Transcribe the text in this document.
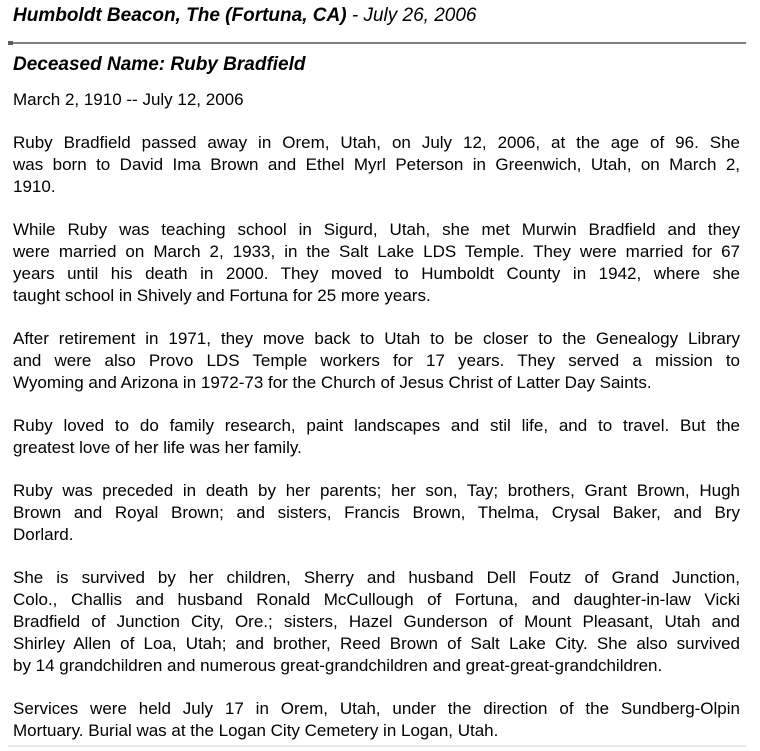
Humboldt Beacon, The (Fortuna, CA) - July 26, 2006
Deceased Name: Ruby Bradfield
March 2, 1910 -- July 12, 2006
Ruby Bradfield passed away in Orem, Utah, on July 12, 2006, at the age of 96. She
was born to David Ima Brown and Ethel Myrl Peterson in Greenwich, Utah, on March 2,
1910.
While Ruby was teaching school in Sigurd, Utah, she met Murwin Bradfield and they
were married on March 2, 1933, in the Salt Lake LDS Temple. They were married for 67
years until his death in 2000. They moved to Humboldt County in 1942, where she
taught school in Shively and Fortuna for 25 more years.
After retirement in 1971, they move back to Utah to be closer to the Genealogy Library
and were also Provo LDS Temple workers for 17 years. They served a mission to
Wyoming and Arizona in 1972-73 for the Church of Jesus Christ of Latter Day Saints.
Ruby loved to do family research, paint landscapes and stil life, and to travel. But the
greatest love of her life was her family.
Ruby was preceded in death by her parents; her son, Tay; brothers, Grant Brown, Hugh
Brown and Royal Brown; and sisters, Francis Brown, Thelma, Crysal Baker, and Bry
Dorlard.
She is survived by her children, Sherry and husband Dell Foutz of Grand Junction,
Colo., Challis and husband Ronald McCullough of Fortuna, and daughter-in-law Vicki
Bradfield of Junction City, Ore.; sisters, Hazel Gunderson of Mount Pleasant, Utah and
Shirley Allen of Loa, Utah; and brother, Reed Brown of Salt Lake City. She also survived
by 14 grandchildren and numerous great-grandchildren and great-great-grandchildren.
Services were held July 17 in Orem, Utah, under the direction of the Sundberg-Olpin
Mortuary. Burial was at the Logan City Cemetery in Logan, Utah.
